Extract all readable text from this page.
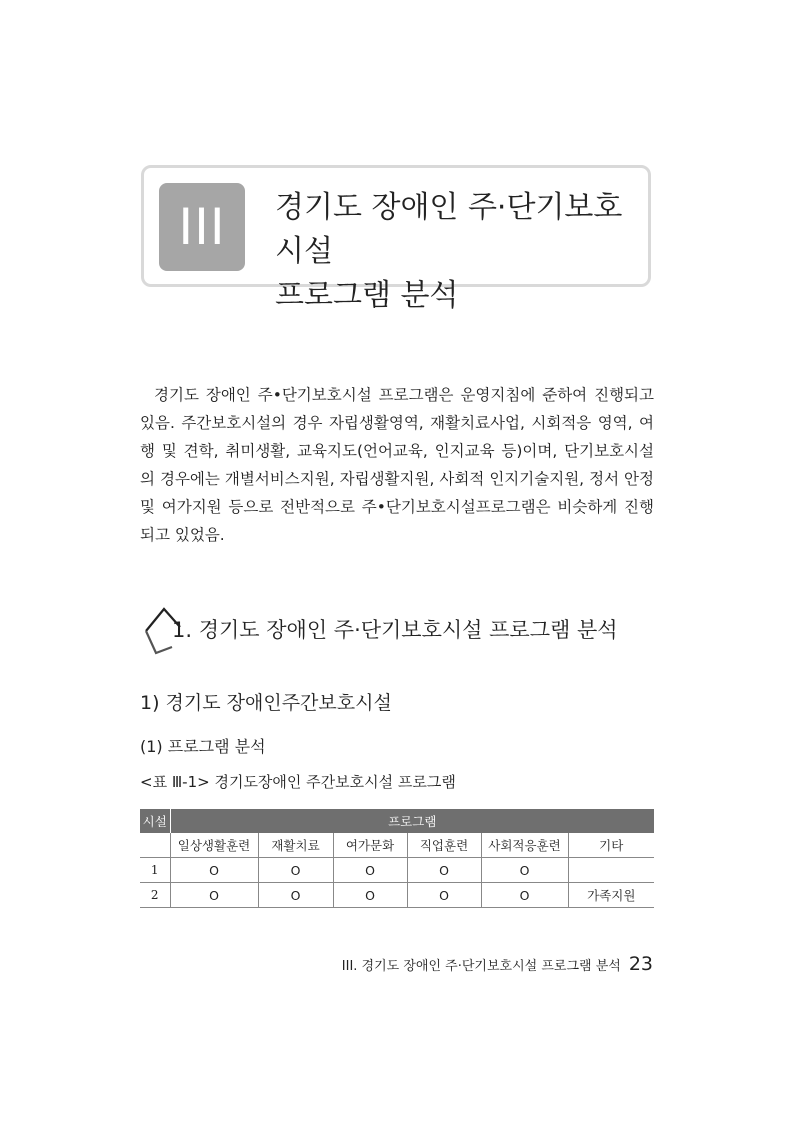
III	경기도 장애인 주·단기보호시설
프로그램 분석

경기도 장애인 주•단기보호시설 프로그램은 운영지침에 준하여 진행되고 있음. 주간보호시설의 경우 자립생활영역, 재활치료사업, 시회적응 영역, 여행 및 견학, 취미생활, 교육지도(언어교육, 인지교육 등)이며, 단기보호시설의 경우에는 개별서비스지원, 자립생활지원, 사회적 인지기술지원, 정서 안정 및 여가지원 등으로 전반적으로 주•단기보호시설프로그램은 비슷하게 진행되고 있었음.

1. 경기도 장애인 주·단기보호시설 프로그램 분석
1) 경기도 장애인주간보호시설
(1) 프로그램 분석
<표 Ⅲ-1> 경기도장애인 주간보호시설 프로그램
시설	프로그램					
	일상생활훈련	재활치료	여가문화	직업훈련	사회적응훈련	기타
1	O	O	O	O	O	
2	O	O	O	O	O	가족지원
III. 경기도 장애인 주·단기보호시설 프로그램 분석 23
